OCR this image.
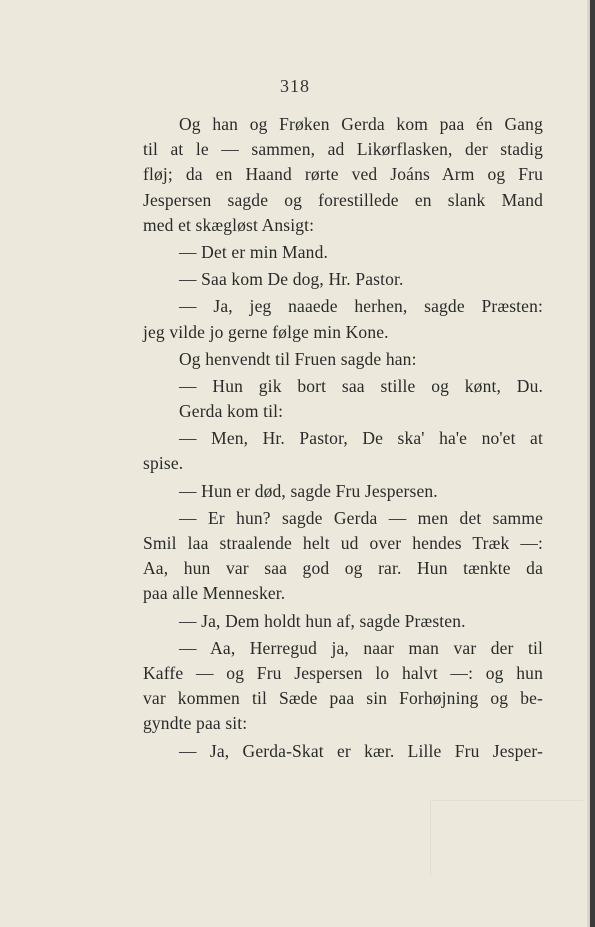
318
Og han og Frøken Gerda kom paa én Gang
til at le — sammen, ad Likørflasken, der stadig
fløj; da en Haand rørte ved Joáns Arm og Fru
Jespersen sagde og forestillede en slank Mand
med et skægløst Ansigt:
— Det er min Mand.
— Saa kom De dog, Hr. Pastor.
— Ja, jeg naaede herhen, sagde Præsten:
jeg vilde jo gerne følge min Kone.
Og henvendt til Fruen sagde han:
— Hun gik bort saa stille og kønt, Du.
Gerda kom til:
— Men, Hr. Pastor, De ska' ha'e no'et at
spise.
— Hun er død, sagde Fru Jespersen.
— Er hun? sagde Gerda — men det samme
Smil laa straalende helt ud over hendes Træk —:
Aa, hun var saa god og rar. Hun tænkte da
paa alle Mennesker.
— Ja, Dem holdt hun af, sagde Præsten.
— Aa, Herregud ja, naar man var der til
Kaffe — og Fru Jespersen lo halvt —: og hun
var kommen til Sæde paa sin Forhøjning og be-
gyndte paa sit:
— Ja, Gerda-Skat er kær. Lille Fru Jesper-
